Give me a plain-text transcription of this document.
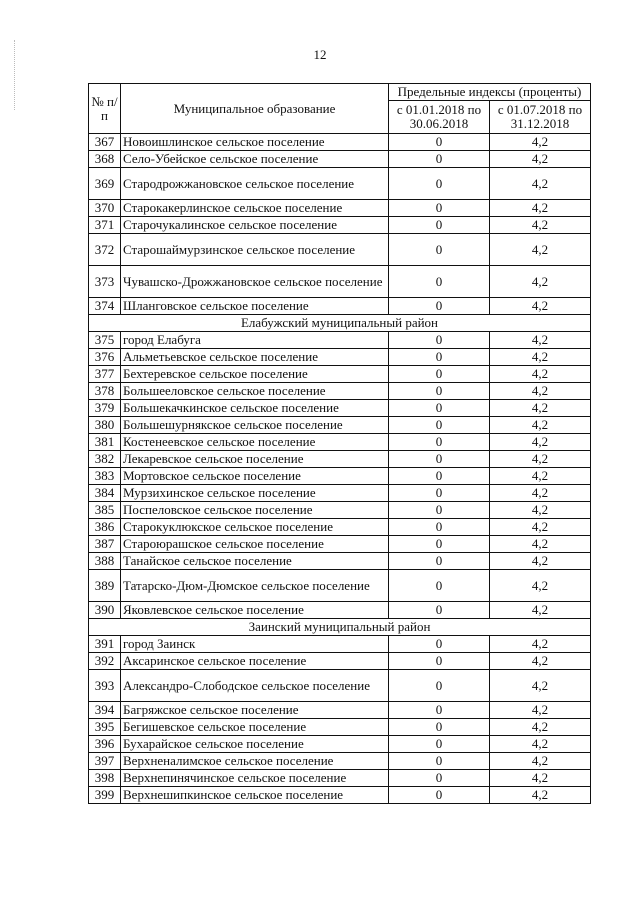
12
№ п/п	Муниципальное образование	Предельные индексы (проценты)	
		с 01.01.2018 по 30.06.2018	с 01.07.2018 по 31.12.2018
367	Новоишлинское сельское поселение	0	4,2
368	Село-Убейское сельское поселение	0	4,2
369	Стародрожжановское сельское поселение	0	4,2
370	Старокакерлинское сельское поселение	0	4,2
371	Старочукалинское сельское поселение	0	4,2
372	Старошаймурзинское сельское поселение	0	4,2
373	Чувашско-Дрожжановское сельское поселение	0	4,2
374	Шланговское сельское поселение	0	4,2
Елабужский муниципальный район			
375	город Елабуга	0	4,2
376	Альметьевское сельское поселение	0	4,2
377	Бехтеревское сельское поселение	0	4,2
378	Большееловское сельское поселение	0	4,2
379	Большекачкинское сельское поселение	0	4,2
380	Большешурнякское сельское поселение	0	4,2
381	Костенеевское сельское поселение	0	4,2
382	Лекаревское сельское поселение	0	4,2
383	Мортовское сельское поселение	0	4,2
384	Мурзихинское сельское поселение	0	4,2
385	Поспеловское сельское поселение	0	4,2
386	Старокуклюкское сельское поселение	0	4,2
387	Староюрашское сельское поселение	0	4,2
388	Танайское сельское поселение	0	4,2
389	Татарско-Дюм-Дюмское сельское поселение	0	4,2
390	Яковлевское сельское поселение	0	4,2
Заинский муниципальный район			
391	город Заинск	0	4,2
392	Аксаринское сельское поселение	0	4,2
393	Александро-Слободское сельское поселение	0	4,2
394	Багряжское сельское поселение	0	4,2
395	Бегишевское сельское поселение	0	4,2
396	Бухарайское сельское поселение	0	4,2
397	Верхненалимское сельское поселение	0	4,2
398	Верхнепинячинское сельское поселение	0	4,2
399	Верхнешипкинское сельское поселение	0	4,2
